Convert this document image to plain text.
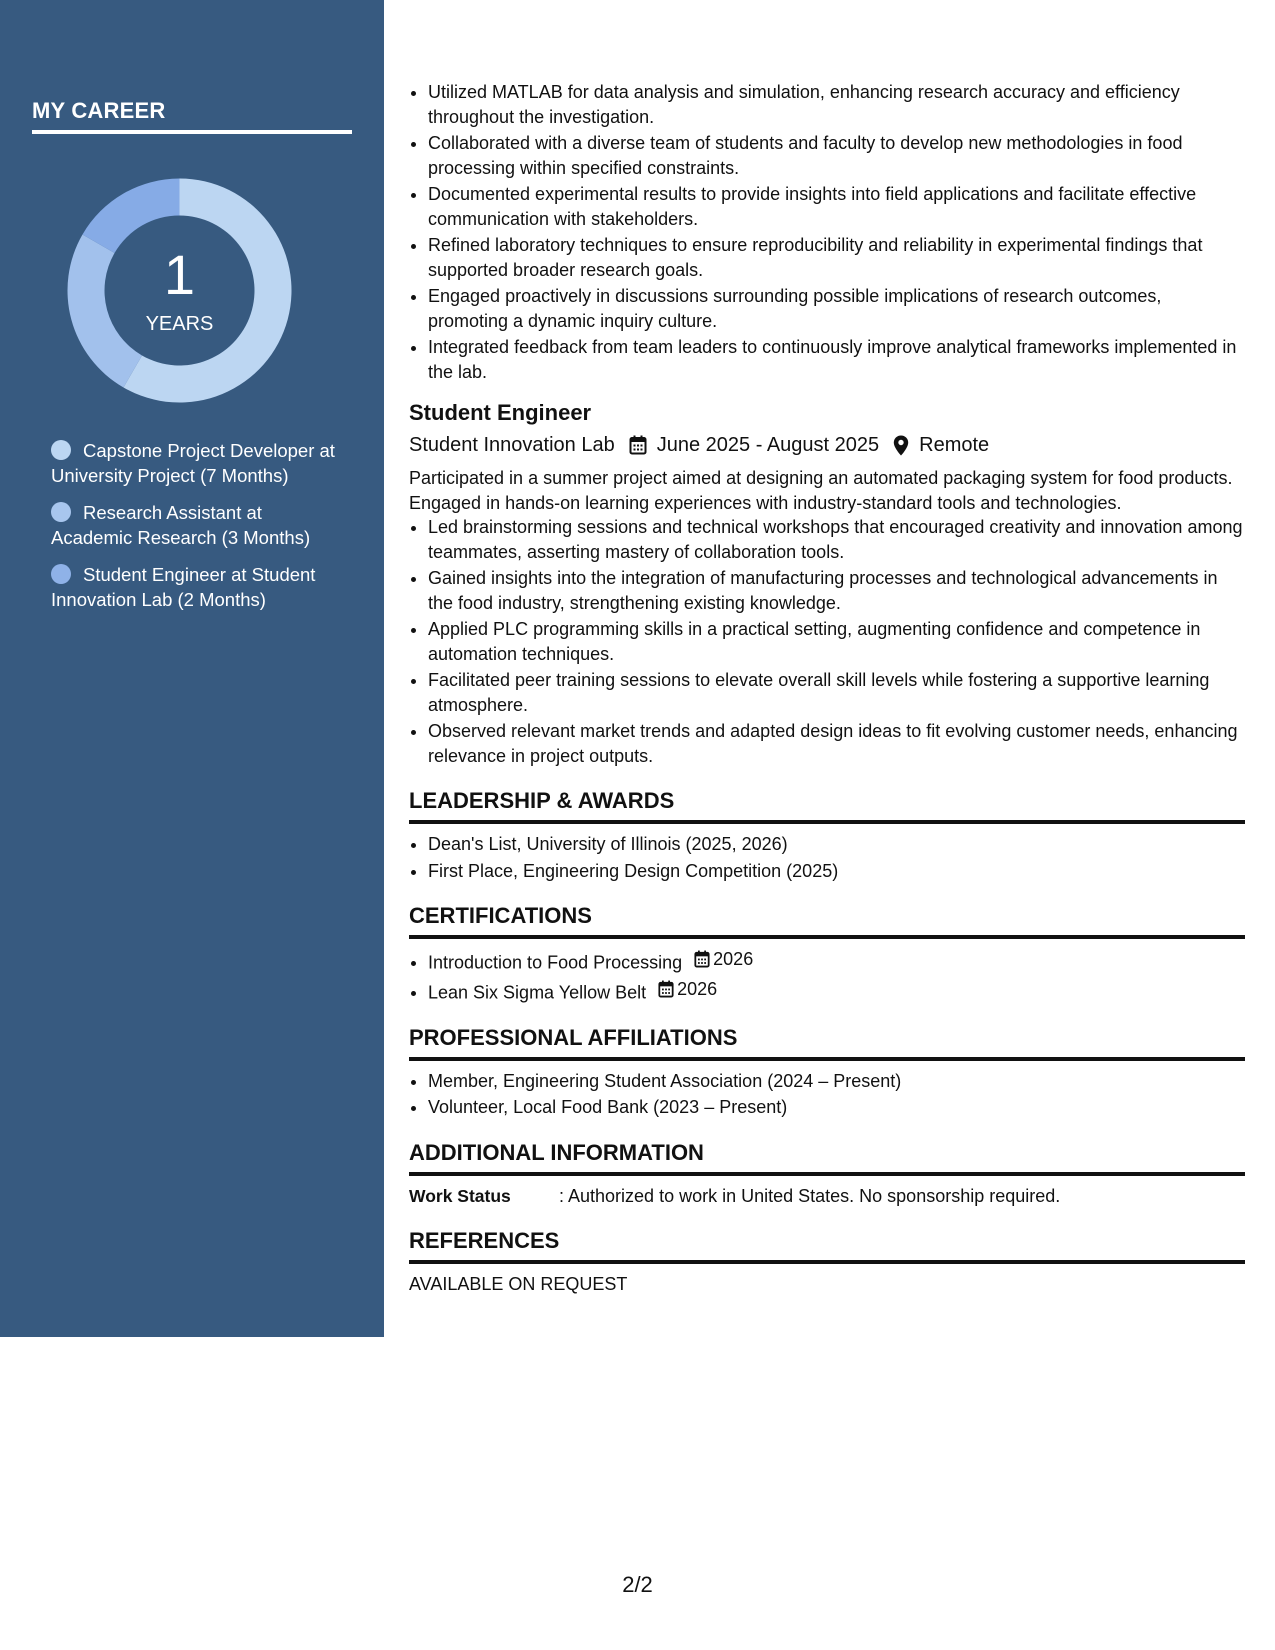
MY CAREER
1
YEARS
Capstone Project Developer at University Project (7 Months)
Research Assistant at Academic Research (3 Months)
Student Engineer at Student Innovation Lab (2 Months)
• Utilized MATLAB for data analysis and simulation, enhancing research accuracy and efficiency throughout the investigation.
• Collaborated with a diverse team of students and faculty to develop new methodologies in food processing within specified constraints.
• Documented experimental results to provide insights into field applications and facilitate effective communication with stakeholders.
• Refined laboratory techniques to ensure reproducibility and reliability in experimental findings that supported broader research goals.
• Engaged proactively in discussions surrounding possible implications of research outcomes, promoting a dynamic inquiry culture.
• Integrated feedback from team leaders to continuously improve analytical frameworks implemented in the lab.
Student Engineer
Student Innovation Lab June 2025 - August 2025 Remote
Participated in a summer project aimed at designing an automated packaging system for food products. Engaged in hands-on learning experiences with industry-standard tools and technologies.
• Led brainstorming sessions and technical workshops that encouraged creativity and innovation among teammates, asserting mastery of collaboration tools.
• Gained insights into the integration of manufacturing processes and technological advancements in the food industry, strengthening existing knowledge.
• Applied PLC programming skills in a practical setting, augmenting confidence and competence in automation techniques.
• Facilitated peer training sessions to elevate overall skill levels while fostering a supportive learning atmosphere.
• Observed relevant market trends and adapted design ideas to fit evolving customer needs, enhancing relevance in project outputs.
LEADERSHIP & AWARDS
• Dean's List, University of Illinois (2025, 2026)
• First Place, Engineering Design Competition (2025)
CERTIFICATIONS
• Introduction to Food Processing 2026
• Lean Six Sigma Yellow Belt 2026
PROFESSIONAL AFFILIATIONS
• Member, Engineering Student Association (2024 – Present)
• Volunteer, Local Food Bank (2023 – Present)
ADDITIONAL INFORMATION
Work Status	: Authorized to work in United States. No sponsorship required.
REFERENCES
AVAILABLE ON REQUEST
2/2
